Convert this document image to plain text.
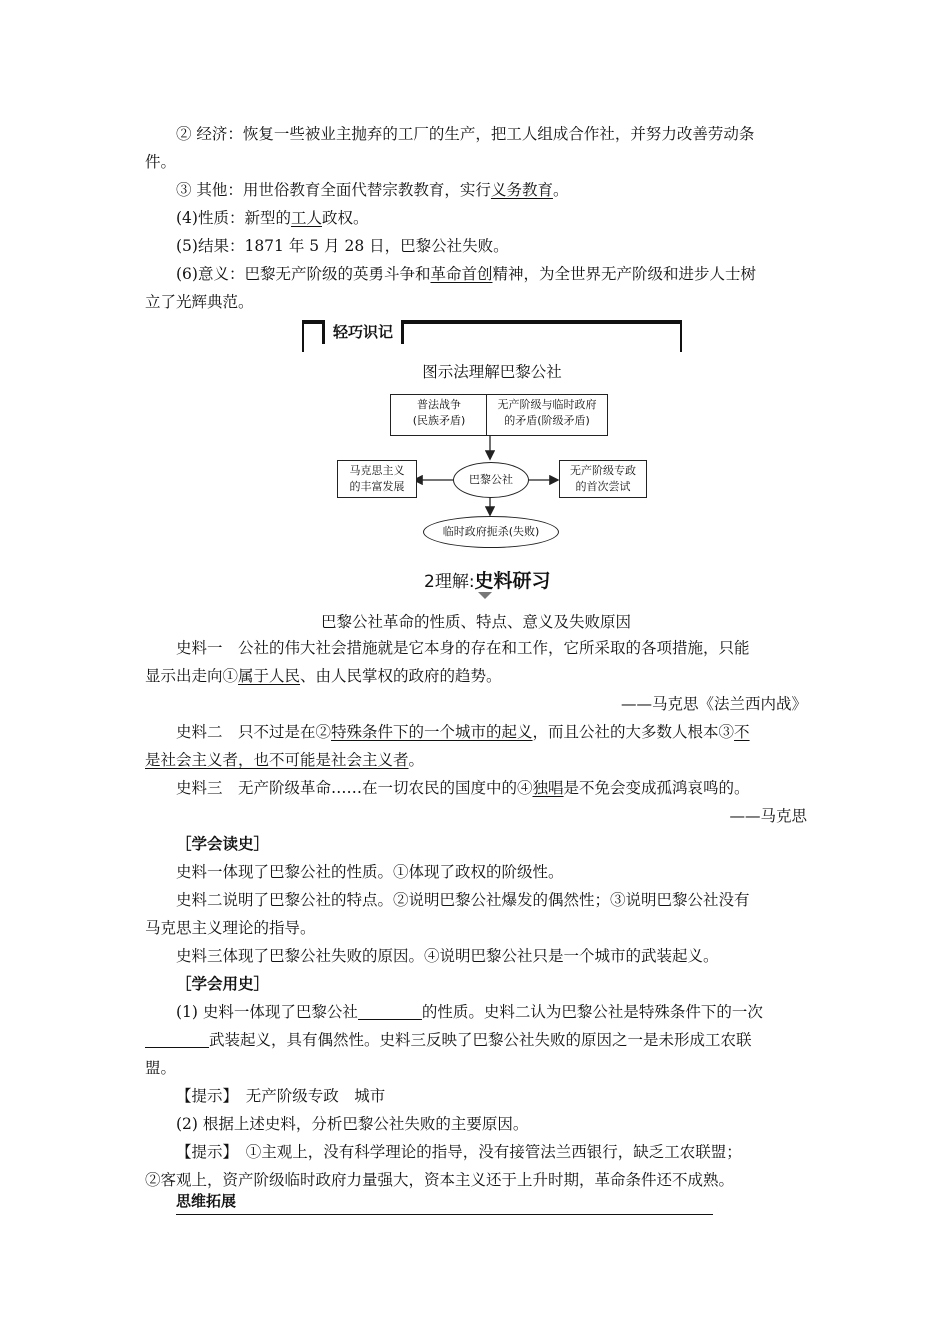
② 经济：恢复一些被业主抛弃的工厂的生产，把工人组成合作社，并努力改善劳动条
件。
③ 其他：用世俗教育全面代替宗教教育，实行义务教育。
(4)性质：新型的工人政权。
(5)结果：1871 年 5 月 28 日，巴黎公社失败。
(6)意义：巴黎无产阶级的英勇斗争和革命首创精神，为全世界无产阶级和进步人士树
立了光辉典范。
轻巧识记
图示法理解巴黎公社
普法战争
(民族矛盾)
无产阶级与临时政府
的矛盾(阶级矛盾)
马克思主义
的丰富发展
巴黎公社
无产阶级专政
的首次尝试
临时政府扼杀(失败)
2理解:史料研习
巴黎公社革命的性质、特点、意义及失败原因
史料一　公社的伟大社会措施就是它本身的存在和工作，它所采取的各项措施，只能
显示出走向①属于人民、由人民掌权的政府的趋势。
——马克思《法兰西内战》
史料二　只不过是在②特殊条件下的一个城市的起义，而且公社的大多数人根本③不
是社会主义者，也不可能是社会主义者。
史料三　无产阶级革命……在一切农民的国度中的④独唱是不免会变成孤鸿哀鸣的。
——马克思
［学会读史］
史料一体现了巴黎公社的性质。①体现了政权的阶级性。
史料二说明了巴黎公社的特点。②说明巴黎公社爆发的偶然性；③说明巴黎公社没有
马克思主义理论的指导。
史料三体现了巴黎公社失败的原因。④说明巴黎公社只是一个城市的武装起义。
［学会用史］
(1) 史料一体现了巴黎公社	的性质。史料二认为巴黎公社是特殊条件下的一次
武装起义，具有偶然性。史料三反映了巴黎公社失败的原因之一是未形成工农联
盟。
【提示】　无产阶级专政　城市
(2) 根据上述史料，分析巴黎公社失败的主要原因。
【提示】　①主观上，没有科学理论的指导，没有接管法兰西银行，缺乏工农联盟；
②客观上，资产阶级临时政府力量强大，资本主义还于上升时期，革命条件还不成熟。
思维拓展
